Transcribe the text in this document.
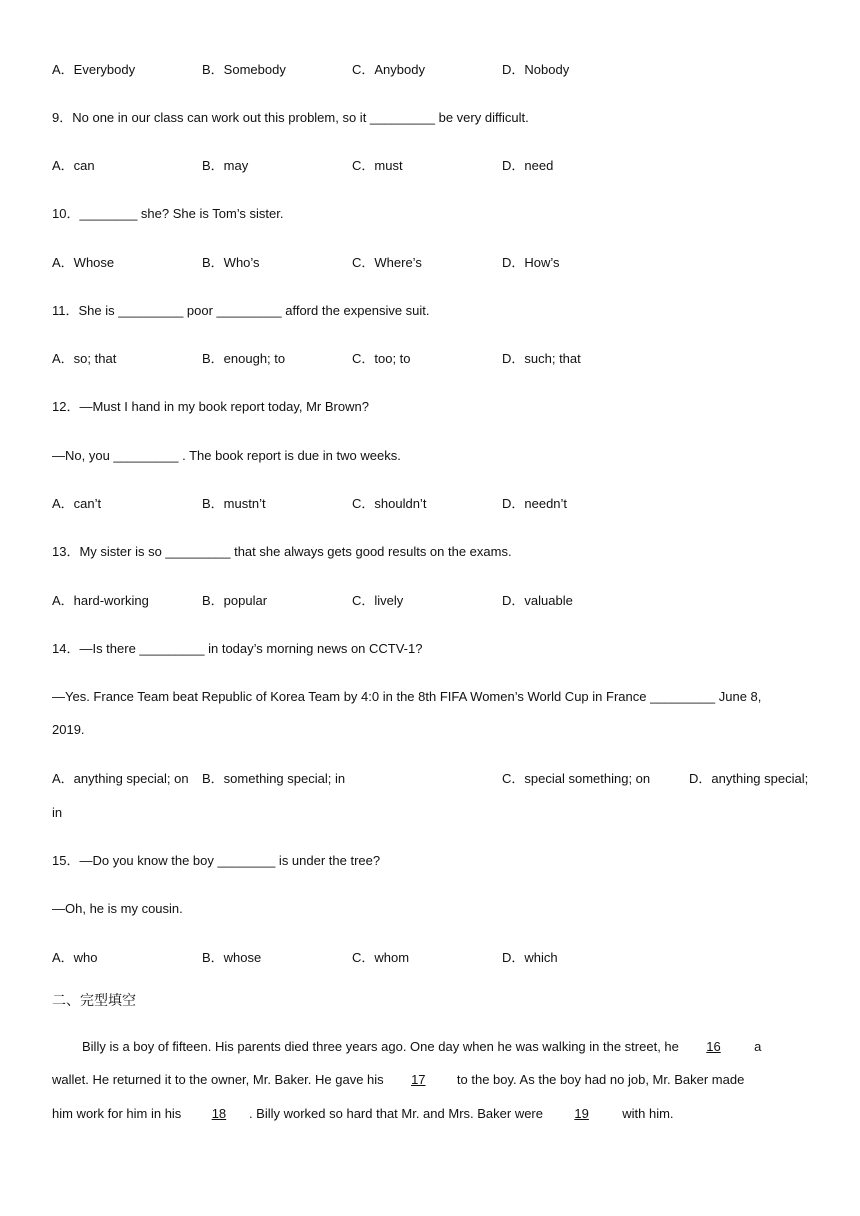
A．Everybody	B．Somebody	C．Anybody	D．Nobody
9．No one in our class can work out this problem, so it _________ be very difficult.
A．can	B．may	C．must	D．need
10．________ she? She is Tom’s sister.
A．Whose	B．Who’s	C．Where’s	D．How’s
11．She is _________ poor _________ afford the expensive suit.
A．so; that	B．enough; to	C．too; to	D．such; that
12．—Must I hand in my book report today, Mr Brown?
—No, you _________ . The book report is due in two weeks.
A．can’t	B．mustn’t	C．shouldn’t	D．needn’t
13．My sister is so _________ that she always gets good results on the exams.
A．hard-working	B．popular	C．lively	D．valuable
14．—Is there _________ in today’s morning news on CCTV-1?
—Yes. France Team beat Republic of Korea Team by 4:0 in the 8th FIFA Women’s World Cup in France _________ June 8,
2019.
A．anything special; on B．something special; in	C．special something; on	D．anything special;
in
15．—Do you know the boy ________ is under the tree?
—Oh, he is my cousin.
A．who	B．whose	C．whom	D．which
二、完型填空
Billy is a boy of fifteen. His parents died three years ago. One day when he was walking in the street, he 16	a
wallet. He returned it to the owner, Mr. Baker. He gave his 17 to the boy. As the boy had no job, Mr. Baker made
him work for him in his 18 . Billy worked so hard that Mr. and Mrs. Baker were 19	with him.
